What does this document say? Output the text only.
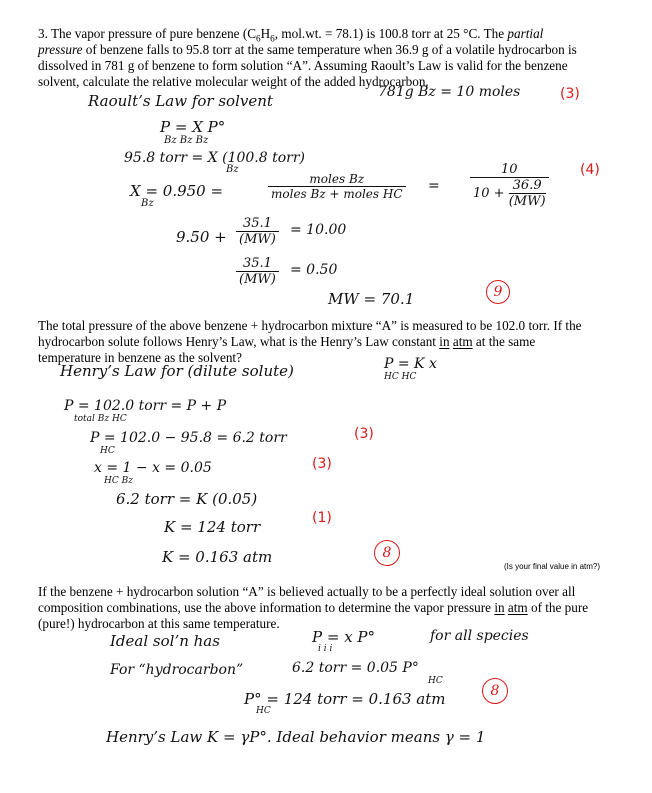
3. The vapor pressure of pure benzene ($C_6H_6$, mol.wt. = 78.1) is 100.8 torr at 25 °C. The partial
pressure of benzene falls to 95.8 torr at the same temperature when 36.9 g of a volatile hydrocarbon is
dissolved in 781 g of benzene to form solution “A”. Assuming Raoult’s Law is valid for the benzene
solvent, calculate the relative molecular weight of the added hydrocarbon.
Raoult’s Law for solvent	781g Bz = 10 moles	(3)
P = X P°
Bz Bz Bz
95.8 torr = X (100.8 torr)
Bz
X = 0.950 =
Bz
moles Bz
moles Bz + moles HC = $\frac{10}{10 + \frac{36.9}{(MW)}} (4)$
$9.50 + \frac{35.1}{(MW)} = 10.00$
$\frac{35.1}{(MW)} = 0.50$
MW = 70.1	9
The total pressure of the above benzene + hydrocarbon mixture “A” is measured to be 102.0 torr. If the
hydrocarbon solute follows Henry’s Law, what is the Henry’s Law constant in atm at the same
temperature in benzene as the solvent?
Henry’s Law for (dilute solute)	P = K x
HC HC
P = 102.0 torr = P + P
total Bz HC
P = 102.0 − 95.8 = 6.2 torr
HC
(3)
x = 1 − x = 0.05
HC Bz
(3)
6.2 torr = K (0.05)
K = 124 torr	(1)
K = 0.163 atm	8
(Is your final value in atm?)
If the benzene + hydrocarbon solution “A” is believed actually to be a perfectly ideal solution over all
composition combinations, use the above information to determine the vapor pressure in atm of the pure
(pure!) hydrocarbon at this same temperature.
Ideal sol’n has	P = x P°
i i i
for all species
For “hydrocarbon”	6.2 torr = 0.05 P°
HC
P° = 124 torr = 0.163 atm
HC
8
Henry’s Law K = γP°. Ideal behavior means γ = 1
